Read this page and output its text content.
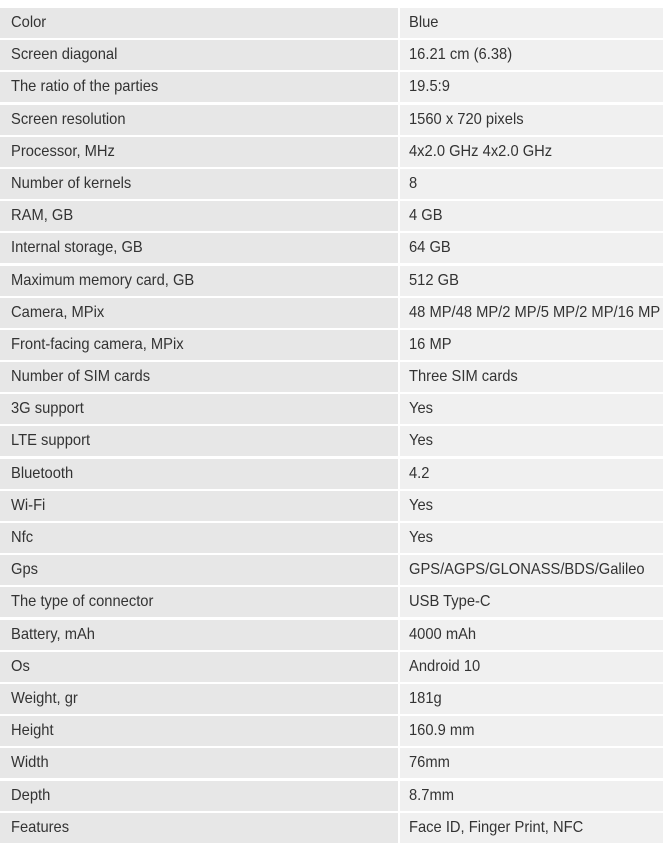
Color	Blue
Screen diagonal	16.21 cm (6.38)
The ratio of the parties	19.5:9
Screen resolution	1560 x 720 pixels
Processor, MHz	4x2.0 GHz 4x2.0 GHz
Number of kernels	8
RAM, GB	4 GB
Internal storage, GB	64 GB
Maximum memory card, GB	512 GB
Camera, MPix	48 MP/48 MP/2 MP/5 MP/2 MP/16 MP
Front-facing camera, MPix	16 MP
Number of SIM cards	Three SIM cards
3G support	Yes
LTE support	Yes
Bluetooth	4.2
Wi-Fi	Yes
Nfc	Yes
Gps	GPS/AGPS/GLONASS/BDS/Galileo
The type of connector	USB Type-C
Battery, mAh	4000 mAh
Os	Android 10
Weight, gr	181g
Height	160.9 mm
Width	76mm
Depth	8.7mm
Features	Face ID, Finger Print, NFC
